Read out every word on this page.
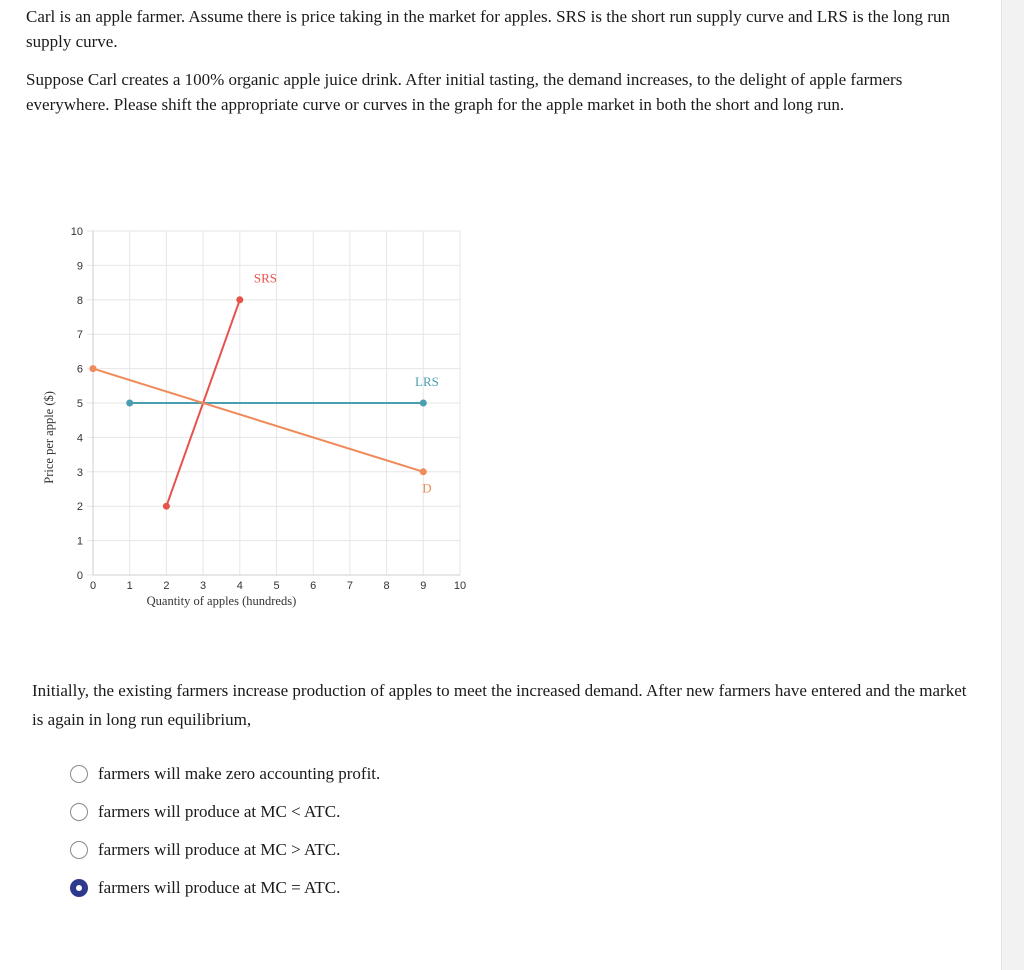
Carl is an apple farmer. Assume there is price taking in the market for apples. SRS is the short run supply curve and LRS is the long run supply curve.

Suppose Carl creates a 100% organic apple juice drink. After initial tasting, the demand increases, to the delight of apple farmers everywhere. Please shift the appropriate curve or curves in the graph for the apple market in both the short and long run.

0	1	2	3	4	5	6	7	8	9	10
0
1
2
3
4
5
6
7
8
9
10
Quantity of apples (hundreds)
Price per apple ($)
SRS
LRS
D
Initially, the existing farmers increase production of apples to meet the increased demand. After new farmers have entered and the market is again in long run equilibrium,
farmers will make zero accounting profit.
farmers will produce at MC < ATC.
farmers will produce at MC > ATC.
farmers will produce at MC = ATC.
